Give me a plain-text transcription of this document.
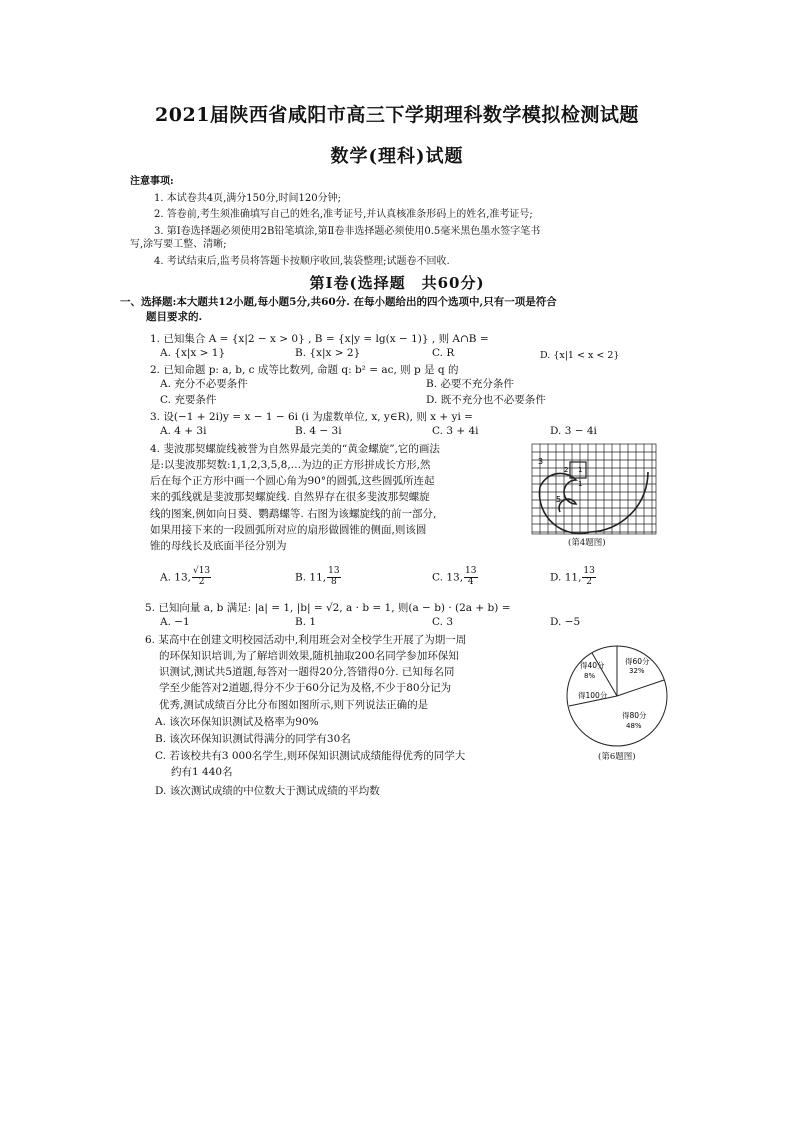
2021届陕西省咸阳市高三下学期理科数学模拟检测试题
数学(理科)试题
注意事项:
1. 本试卷共4页,满分150分,时间120分钟;
2. 答卷前,考生须准确填写自己的姓名,准考证号,并认真核准条形码上的姓名,准考证号;
3. 第Ⅰ卷选择题必须使用2B铅笔填涂,第Ⅱ卷非选择题必须使用0.5毫米黑色墨水签字笔书
写,涂写要工整、清晰;
4. 考试结束后,监考员将答题卡按顺序收回,装袋整理;试题卷不回收.
第Ⅰ卷(选择题　共60分)
一、选择题:本大题共12小题,每小题5分,共60分. 在每小题给出的四个选项中,只有一项是符合
题目要求的.
1. 已知集合 A = {x|2 − x > 0} , B = {x|y = lg(x − 1)} , 则 A∩B =
A. {x|x > 1}	B. {x|x > 2}	C. R	D. {x|1 < x < 2}
2. 已知命题 p: a, b, c 成等比数列, 命题 q: b² = ac, 则 p 是 q 的
A. 充分不必要条件	B. 必要不充分条件
C. 充要条件	D. 既不充分也不必要条件
3. 设(−1 + 2i)y = x − 1 − 6i (i 为虚数单位, x, y∈R), 则 x + yi =
A. 4 + 3i	B. 4 − 3i	C. 3 + 4i	D. 3 − 4i
4. 斐波那契螺旋线被誉为自然界最完美的“黄金螺旋”,它的画法
是:以斐波那契数:1,1,2,3,5,8,…为边的正方形拼成长方形,然
后在每个正方形中画一个圆心角为90°的圆弧,这些圆弧所连起
来的弧线就是斐波那契螺旋线. 自然界存在很多斐波那契螺旋
线的图案,例如向日葵、鹦鹉螺等. 右图为该螺旋线的前一部分,
如果用接下来的一段圆弧所对应的扇形做圆锥的侧面,则该圆
锥的母线长及底面半径分别为
3
2 1
1
5
(第4题图)
A. 13, $\frac{√13}{2}$	B. 11, $\frac{13}{8}$	C. 13, $\frac{13}{4}$	D. 11, $\frac{13}{2}$
5. 已知向量 a, b 满足: |a| = 1, |b| = √2, a · b = 1, 则(a − b) · (2a + b) =
A. −1	B. 1	C. 3	D. −5
6. 某高中在创建文明校园活动中,利用班会对全校学生开展了为期一周
的环保知识培训,为了解培训效果,随机抽取200名同学参加环保知
识测试,测试共5道题,每答对一题得20分,答错得0分. 已知每名同
学至少能答对2道题,得分不少于60分记为及格,不少于80分记为
优秀,测试成绩百分比分布图如图所示,则下列说法正确的是
A. 该次环保知识测试及格率为90%
B. 该次环保知识测试得满分的同学有30名
C. 若该校共有3 000名学生,则环保知识测试成绩能得优秀的同学大
约有1 440名
D. 该次测试成绩的中位数大于测试成绩的平均数
得40分
8%
得60分
32%
得100分
得80分
48%
(第6题图)
